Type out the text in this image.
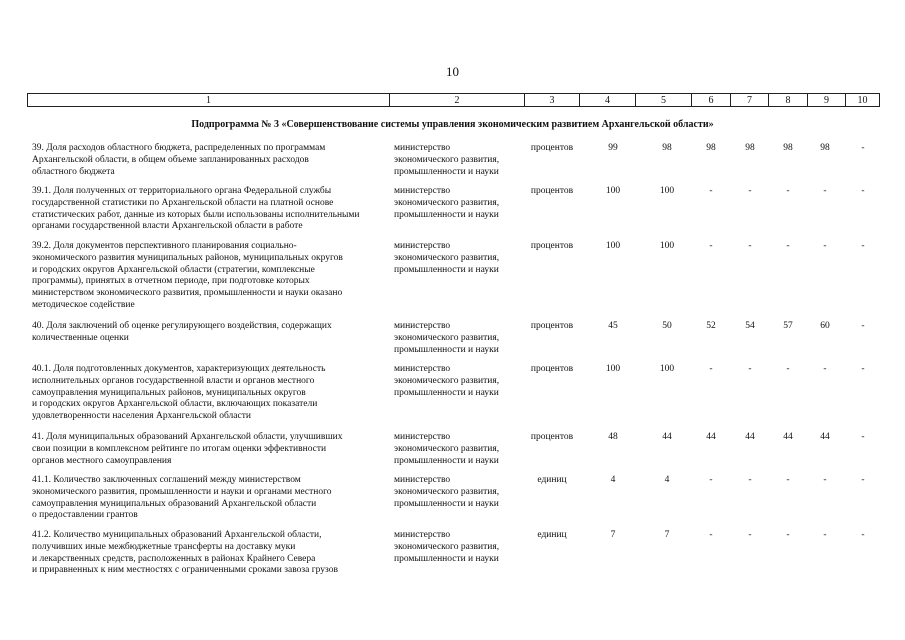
10
1	2	3	4	5	6	7	8	9	10
Подпрограмма № 3 «Совершенствование системы управления экономическим развитием Архангельской области»
39. Доля расходов областного бюджета, распределенных по программам
Архангельской области, в общем объеме запланированных расходов
областного бюджета
министерство
экономического развития,
промышленности и науки
процентов	99	98	98	98	98	98	-
39.1. Доля полученных от территориального органа Федеральной службы
государственной статистики по Архангельской области на платной основе
статистических работ, данные из которых были использованы исполнительными
органами государственной власти Архангельской области в работе
министерство
экономического развития,
промышленности и науки
процентов	100	100	-	-	-	-	-
39.2. Доля документов перспективного планирования социально-
экономического развития муниципальных районов, муниципальных округов
и городских округов Архангельской области (стратегии, комплексные
программы), принятых в отчетном периоде, при подготовке которых
министерством экономического развития, промышленности и науки оказано
методическое содействие
министерство
экономического развития,
промышленности и науки
процентов	100	100	-	-	-	-	-
40. Доля заключений об оценке регулирующего воздействия, содержащих
количественные оценки
министерство
экономического развития,
промышленности и науки
процентов	45	50	52	54	57	60	-
40.1. Доля подготовленных документов, характеризующих деятельность
исполнительных органов государственной власти и органов местного
самоуправления муниципальных районов, муниципальных округов
и городских округов Архангельской области, включающих показатели
удовлетворенности населения Архангельской области
министерство
экономического развития,
промышленности и науки
процентов	100	100	-	-	-	-	-
41. Доля муниципальных образований Архангельской области, улучшивших
свои позиции в комплексном рейтинге по итогам оценки эффективности
органов местного самоуправления
министерство
экономического развития,
промышленности и науки
процентов	48	44	44	44	44	44	-
41.1. Количество заключенных соглашений между министерством
экономического развития, промышленности и науки и органами местного
самоуправления муниципальных образований Архангельской области
о предоставлении грантов
министерство
экономического развития,
промышленности и науки
единиц	4	4	-	-	-	-	-
41.2. Количество муниципальных образований Архангельской области,
получивших иные межбюджетные трансферты на доставку муки
и лекарственных средств, расположенных в районах Крайнего Севера
и приравненных к ним местностях с ограниченными сроками завоза грузов
министерство
экономического развития,
промышленности и науки
единиц	7	7	-	-	-	-	-
